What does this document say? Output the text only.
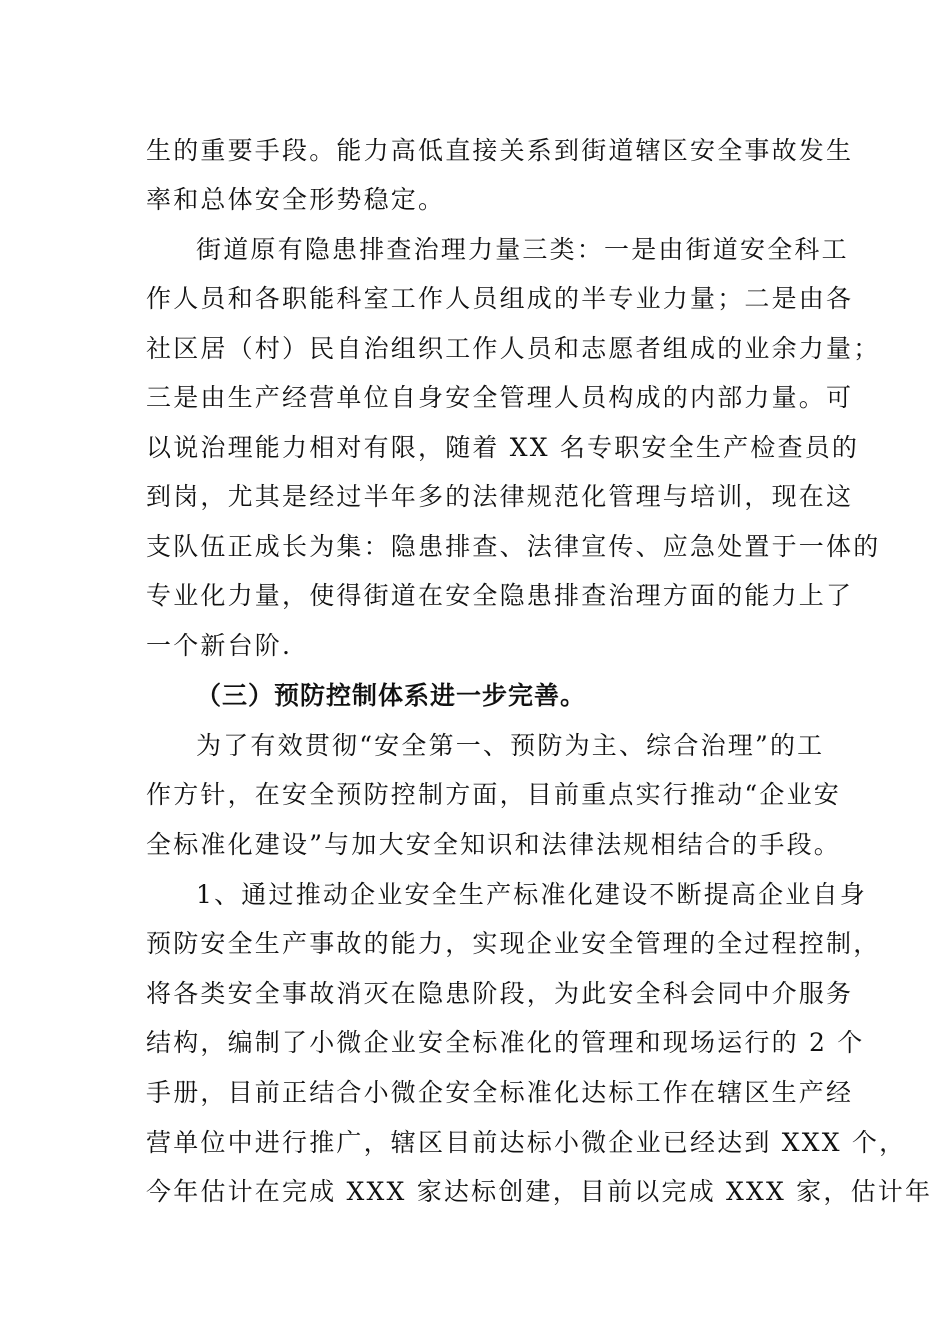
生的重要手段。能力高低直接关系到街道辖区安全事故发生
率和总体安全形势稳定。
街道原有隐患排查治理力量三类：一是由街道安全科工
作人员和各职能科室工作人员组成的半专业力量；二是由各
社区居（村）民自治组织工作人员和志愿者组成的业余力量；
三是由生产经营单位自身安全管理人员构成的内部力量。可
以说治理能力相对有限，随着 XX 名专职安全生产检查员的
到岗，尤其是经过半年多的法律规范化管理与培训，现在这
支队伍正成长为集：隐患排查、法律宣传、应急处置于一体的
专业化力量，使得街道在安全隐患排查治理方面的能力上了
一个新台阶.
（三）预防控制体系进一步完善。
为了有效贯彻“安全第一、预防为主、综合治理”的工
作方针，在安全预防控制方面，目前重点实行推动“企业安
全标准化建设”与加大安全知识和法律法规相结合的手段。
1、通过推动企业安全生产标准化建设不断提高企业自身
预防安全生产事故的能力，实现企业安全管理的全过程控制，
将各类安全事故消灭在隐患阶段，为此安全科会同中介服务
结构，编制了小微企业安全标准化的管理和现场运行的 2 个
手册，目前正结合小微企安全标准化达标工作在辖区生产经
营单位中进行推广，辖区目前达标小微企业已经达到 XXX 个，
今年估计在完成 XXX 家达标创建，目前以完成 XXX 家，估计年
